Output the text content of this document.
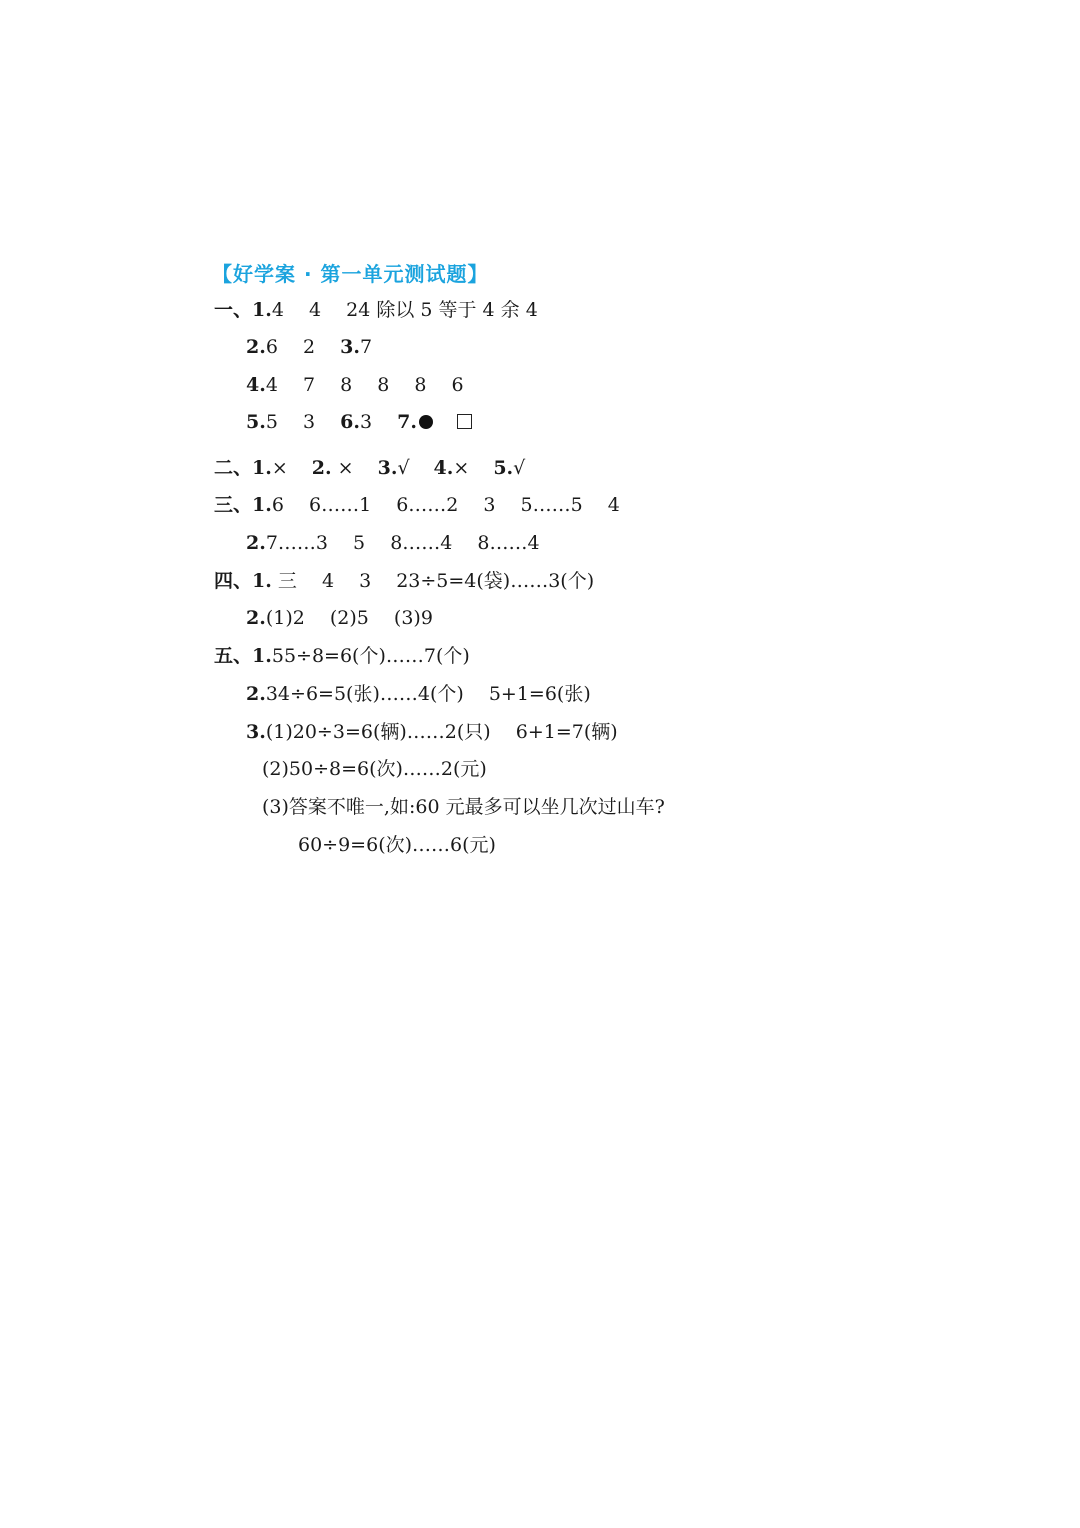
【好学案 · 第一单元测试题】
一、1.4　 4　 24 除以 5 等于 4 余 4
2.6　 2　 3.7
4.4　 7　 8　 8　 8　 6
5.5　 3　 6.3　 7.
二、1.× 2. × 3.√ 4.× 5.√
三、1.6　 6……1　 6……2　 3　 5……5　 4
2.7……3　 5　 8……4　 8……4
四、1. 三　 4　 3　 23÷5=4(袋)……3(个)
2.(1)2　 (2)5　 (3)9
五、1.55÷8=6(个)……7(个)
2.34÷6=5(张)……4(个)　 5+1=6(张)
3.(1)20÷3=6(辆)……2(只)　 6+1=7(辆)
(2)50÷8=6(次)……2(元)
(3)答案不唯一,如:60 元最多可以坐几次过山车?
60÷9=6(次)……6(元)
